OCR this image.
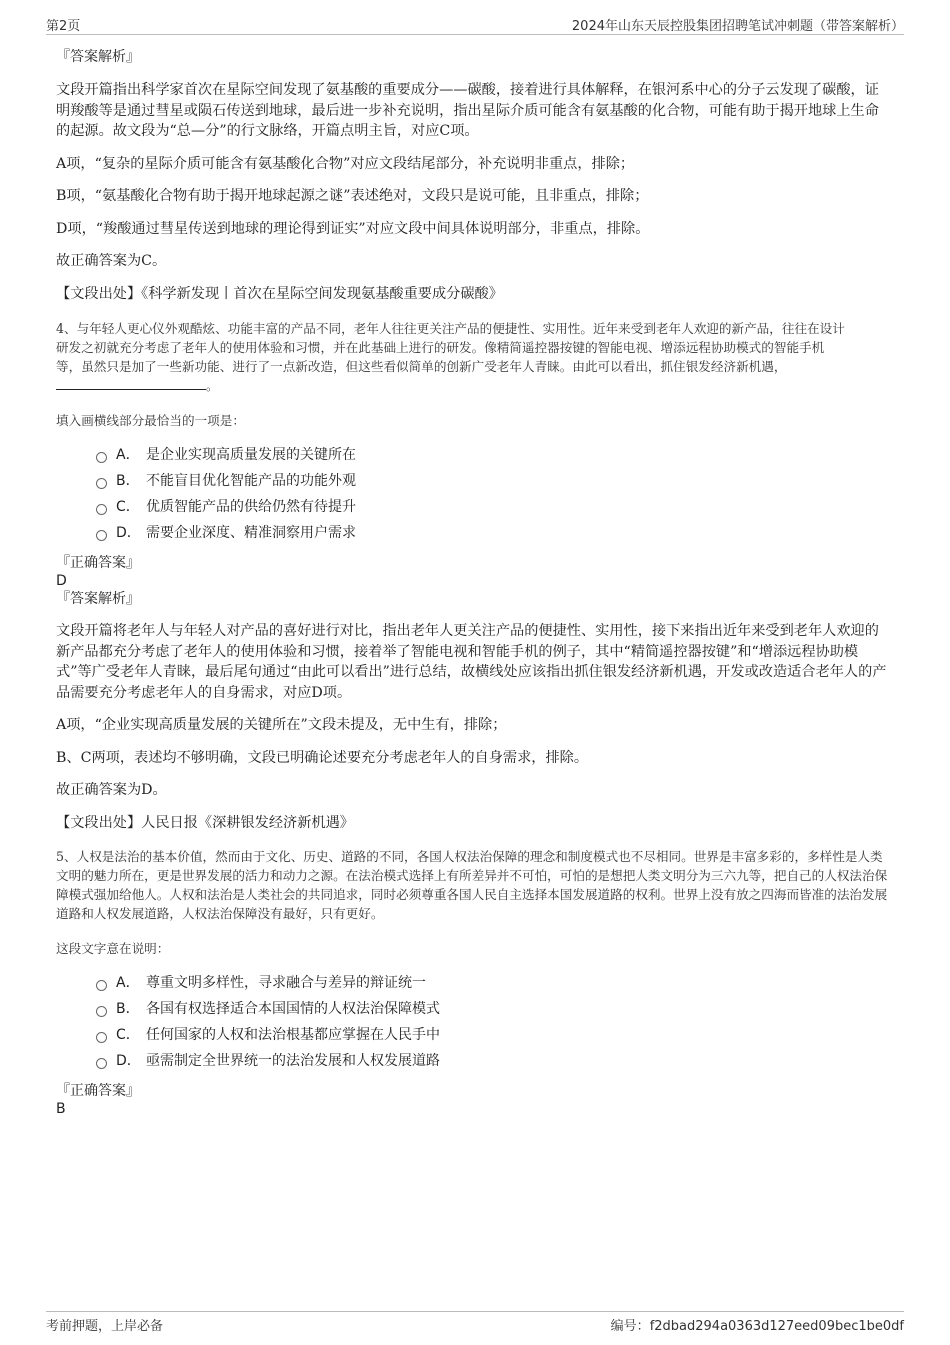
第2页	2024年山东天辰控股集团招聘笔试冲刺题（带答案解析）

『答案解析』

文段开篇指出科学家首次在星际空间发现了氨基酸的重要成分——碳酸，接着进行具体解释，在银河系中心的分子云发现了碳酸，证明羧酸等是通过彗星或陨石传送到地球，最后进一步补充说明，指出星际介质可能含有氨基酸的化合物，可能有助于揭开地球上生命的起源。故文段为“总—分”的行文脉络，开篇点明主旨，对应C项。

A项，“复杂的星际介质可能含有氨基酸化合物”对应文段结尾部分，补充说明非重点，排除；

B项，“氨基酸化合物有助于揭开地球起源之谜”表述绝对，文段只是说可能，且非重点，排除；

D项，“羧酸通过彗星传送到地球的理论得到证实”对应文段中间具体说明部分，非重点，排除。

故正确答案为C。

【文段出处】《科学新发现丨首次在星际空间发现氨基酸重要成分碳酸》

4、与年轻人更心仪外观酷炫、功能丰富的产品不同，老年人往往更关注产品的便捷性、实用性。近年来受到老年人欢迎的新产品，往往在设计
研发之初就充分考虑了老年人的使用体验和习惯，并在此基础上进行的研发。像精简遥控器按键的智能电视、增添远程协助模式的智能手机
等，虽然只是加了一些新功能、进行了一点新改造，但这些看似简单的创新广受老年人青睐。由此可以看出，抓住银发经济新机遇，
。

填入画横线部分最恰当的一项是：

A． 是企业实现高质量发展的关键所在
B． 不能盲目优化智能产品的功能外观
C． 优质智能产品的供给仍然有待提升
D． 需要企业深度、精准洞察用户需求

『正确答案』

D

『答案解析』

文段开篇将老年人与年轻人对产品的喜好进行对比，指出老年人更关注产品的便捷性、实用性，接下来指出近年来受到老年人欢迎的新产品都充分考虑了老年人的使用体验和习惯，接着举了智能电视和智能手机的例子，其中“精简遥控器按键”和“增添远程协助模式”等广受老年人青睐，最后尾句通过“由此可以看出”进行总结，故横线处应该指出抓住银发经济新机遇，开发或改造适合老年人的产品需要充分考虑老年人的自身需求，对应D项。

A项，“企业实现高质量发展的关键所在”文段未提及，无中生有，排除；

B、C两项，表述均不够明确，文段已明确论述要充分考虑老年人的自身需求，排除。

故正确答案为D。

【文段出处】人民日报《深耕银发经济新机遇》

5、人权是法治的基本价值，然而由于文化、历史、道路的不同，各国人权法治保障的理念和制度模式也不尽相同。世界是丰富多彩的，多样性是人类文明的魅力所在，更是世界发展的活力和动力之源。在法治模式选择上有所差异并不可怕，可怕的是想把人类文明分为三六九等，把自己的人权法治保障模式强加给他人。人权和法治是人类社会的共同追求，同时必须尊重各国人民自主选择本国发展道路的权利。世界上没有放之四海而皆准的法治发展道路和人权发展道路，人权法治保障没有最好，只有更好。

这段文字意在说明：

A． 尊重文明多样性，寻求融合与差异的辩证统一
B． 各国有权选择适合本国国情的人权法治保障模式
C． 任何国家的人权和法治根基都应掌握在人民手中
D． 亟需制定全世界统一的法治发展和人权发展道路

『正确答案』

B

考前押题，上岸必备	编号：f2dbad294a0363d127eed09bec1be0df
